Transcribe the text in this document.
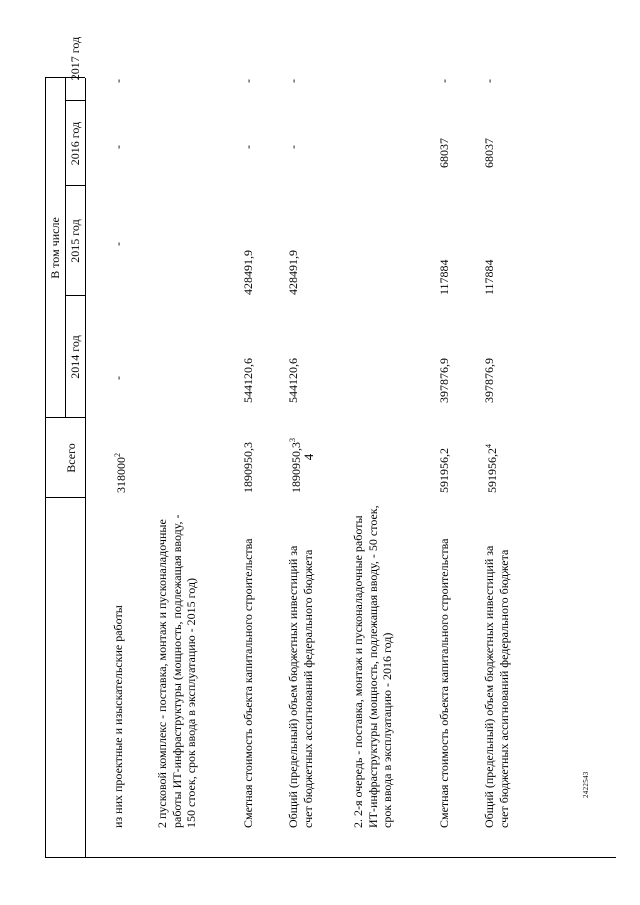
4
2422543
Всего
В том числе
2014 год
2015 год
2016 год
2017 год
из них проектные и изыскательские работы
318000$^2$
-
-
-
-
2 пусковой комплекс - поставка, монтаж и пусконаладочные работы ИТ-инфраструктуры (мощность, подлежащая вводу, - 150 стоек, срок ввода в эксплуатацию - 2015 год)	Сметная стоимость объекта капитального строительства
1890950,3
544120,6
428491,9
-
-
Общий (предельный) объем бюджетных инвестиций за счет бюджетных ассигнований федерального бюджета
1890950,3$^3$
544120,6
428491,9
-
-
2. 2-я очередь - поставка, монтаж и пусконаладочные работы ИТ-инфраструктуры (мощность, подлежащая вводу, - 50 стоек, срок ввода в эксплуатацию - 2016 год)	Сметная стоимость объекта капитального строительства
591956,2
397876,9
117884
68037
-
Общий (предельный) объем бюджетных инвестиций за счет бюджетных ассигнований федерального бюджета
591956,2$^4$
397876,9
117884
68037
-
